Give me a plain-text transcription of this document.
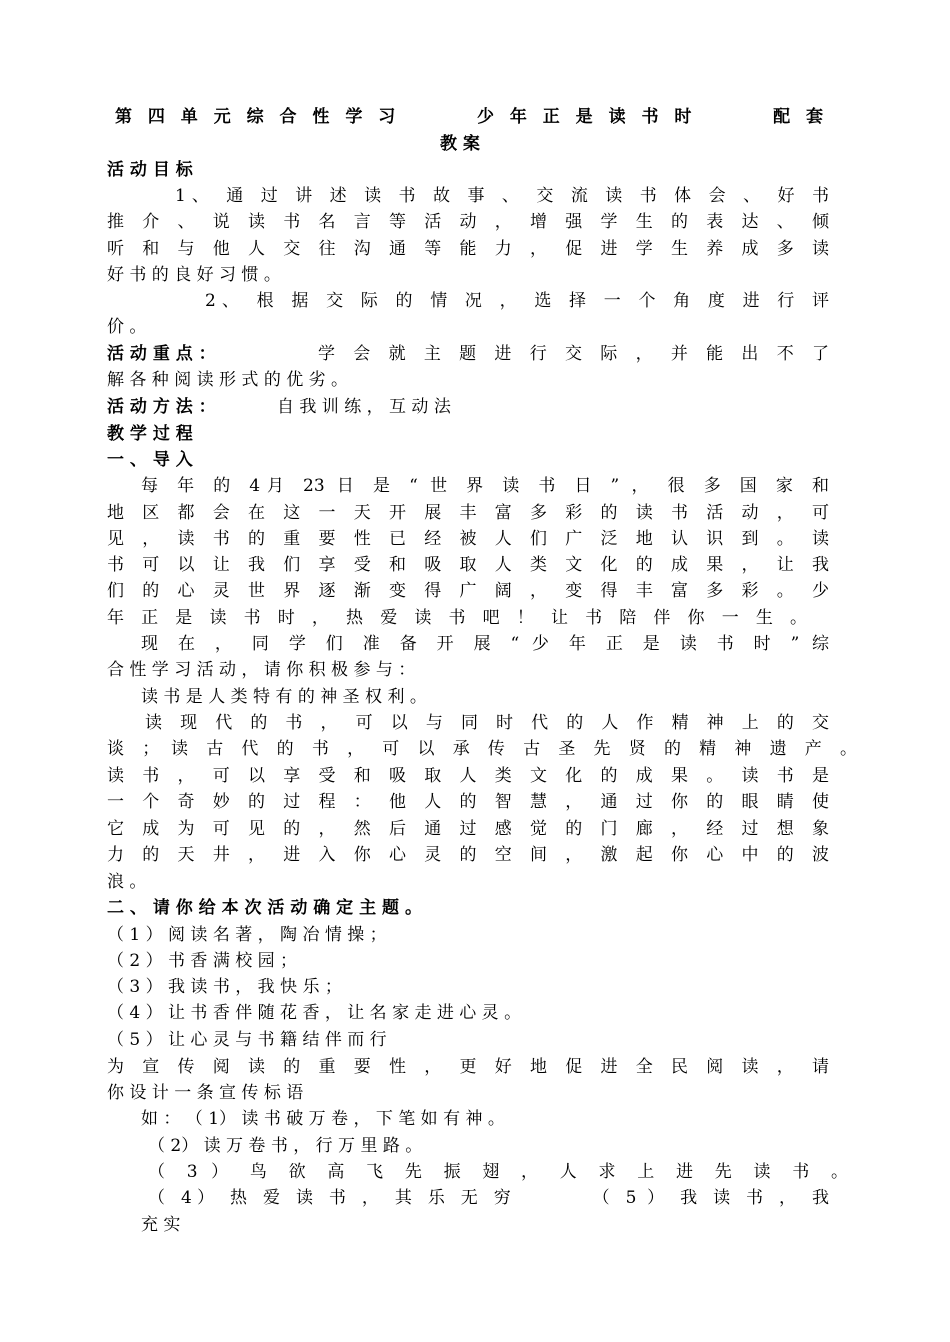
第 四 单 元 综 合 性 学 习 　 　 少 年 正 是 读 书 时 　 　 配 套
教 案
活 动 目 标
1、 通 过 讲 述 读 书 故 事 、 交 流 读 书 体 会 、 好 书
推 介 、 说 读 书 名 言 等 活 动 ， 增 强 学 生 的 表 达 、 倾
听 和 与 他 人 交 往 沟 通 等 能 力 ， 促 进 学 生 养 成 多 读
好 书 的 良 好 习 惯 。
2、 根 据 交 际 的 情 况 ， 选 择 一 个 角 度 进 行 评
价 。
活 动 重 点 ：	学 会 就 主 题 进 行 交 际 ， 并 能 出 不 了
解 各 种 阅 读 形 式 的 优 劣 。
活 动 方 法 ：	自 我 训 练 ， 互 动 法
教 学 过 程
一 、 导 入
每 年 的 4月 23 日 是 “ 世 界 读 书 日 ” ， 很 多 国 家 和
地 区 都 会 在 这 一 天 开 展 丰 富 多 彩 的 读 书 活 动 ， 可
见 ， 读 书 的 重 要 性 已 经 被 人 们 广 泛 地 认 识 到 。 读
书 可 以 让 我 们 享 受 和 吸 取 人 类 文 化 的 成 果 ， 让 我
们 的 心 灵 世 界 逐 渐 变 得 广 阔 ， 变 得 丰 富 多 彩 。 少
年 正 是 读 书 时 ， 热 爱 读 书 吧 ！ 让 书 陪 伴 你 一 生 。
现 在 ， 同 学 们 准 备 开 展 “ 少 年 正 是 读 书 时 ” 综
合 性 学 习 活 动 ， 请 你 积 极 参 与 ：
读 书 是 人 类 特 有 的 神 圣 权 利 。
读 现 代 的 书 ， 可 以 与 同 时 代 的 人 作 精 神 上 的 交
谈 ； 读 古 代 的 书 ， 可 以 承 传 古 圣 先 贤 的 精 神 遗 产 。
读 书 ， 可 以 享 受 和 吸 取 人 类 文 化 的 成 果 。 读 书 是
一 个 奇 妙 的 过 程 ： 他 人 的 智 慧 ， 通 过 你 的 眼 睛 使
它 成 为 可 见 的 ， 然 后 通 过 感 觉 的 门 廊 ， 经 过 想 象
力 的 天 井 ， 进 入 你 心 灵 的 空 间 ， 激 起 你 心 中 的 波
浪 。
二 、 请 你 给 本 次 活 动 确 定 主 题 。
（ 1 ） 阅 读 名 著 ， 陶 冶 情 操 ；
（ 2 ） 书 香 满 校 园 ；
（ 3 ） 我 读 书 ， 我 快 乐 ；
（ 4 ） 让 书 香 伴 随 花 香 ， 让 名 家 走 进 心 灵 。
（ 5 ） 让 心 灵 与 书 籍 结 伴 而 行
为 宣 传 阅 读 的 重 要 性 ， 更 好 地 促 进 全 民 阅 读 ， 请
你 设 计 一 条 宣 传 标 语
如 ： （ 1） 读 书 破 万 卷 ， 下 笔 如 有 神 。
（ 2） 读 万 卷 书 ， 行 万 里 路 。
（ 3 ） 鸟 欲 高 飞 先 振 翅 ， 人 求 上 进 先 读 书 。
（ 4） 热 爱 读 书 ， 其 乐 无 穷 　 　 （ 5 ） 我 读 书 ， 我
充 实
